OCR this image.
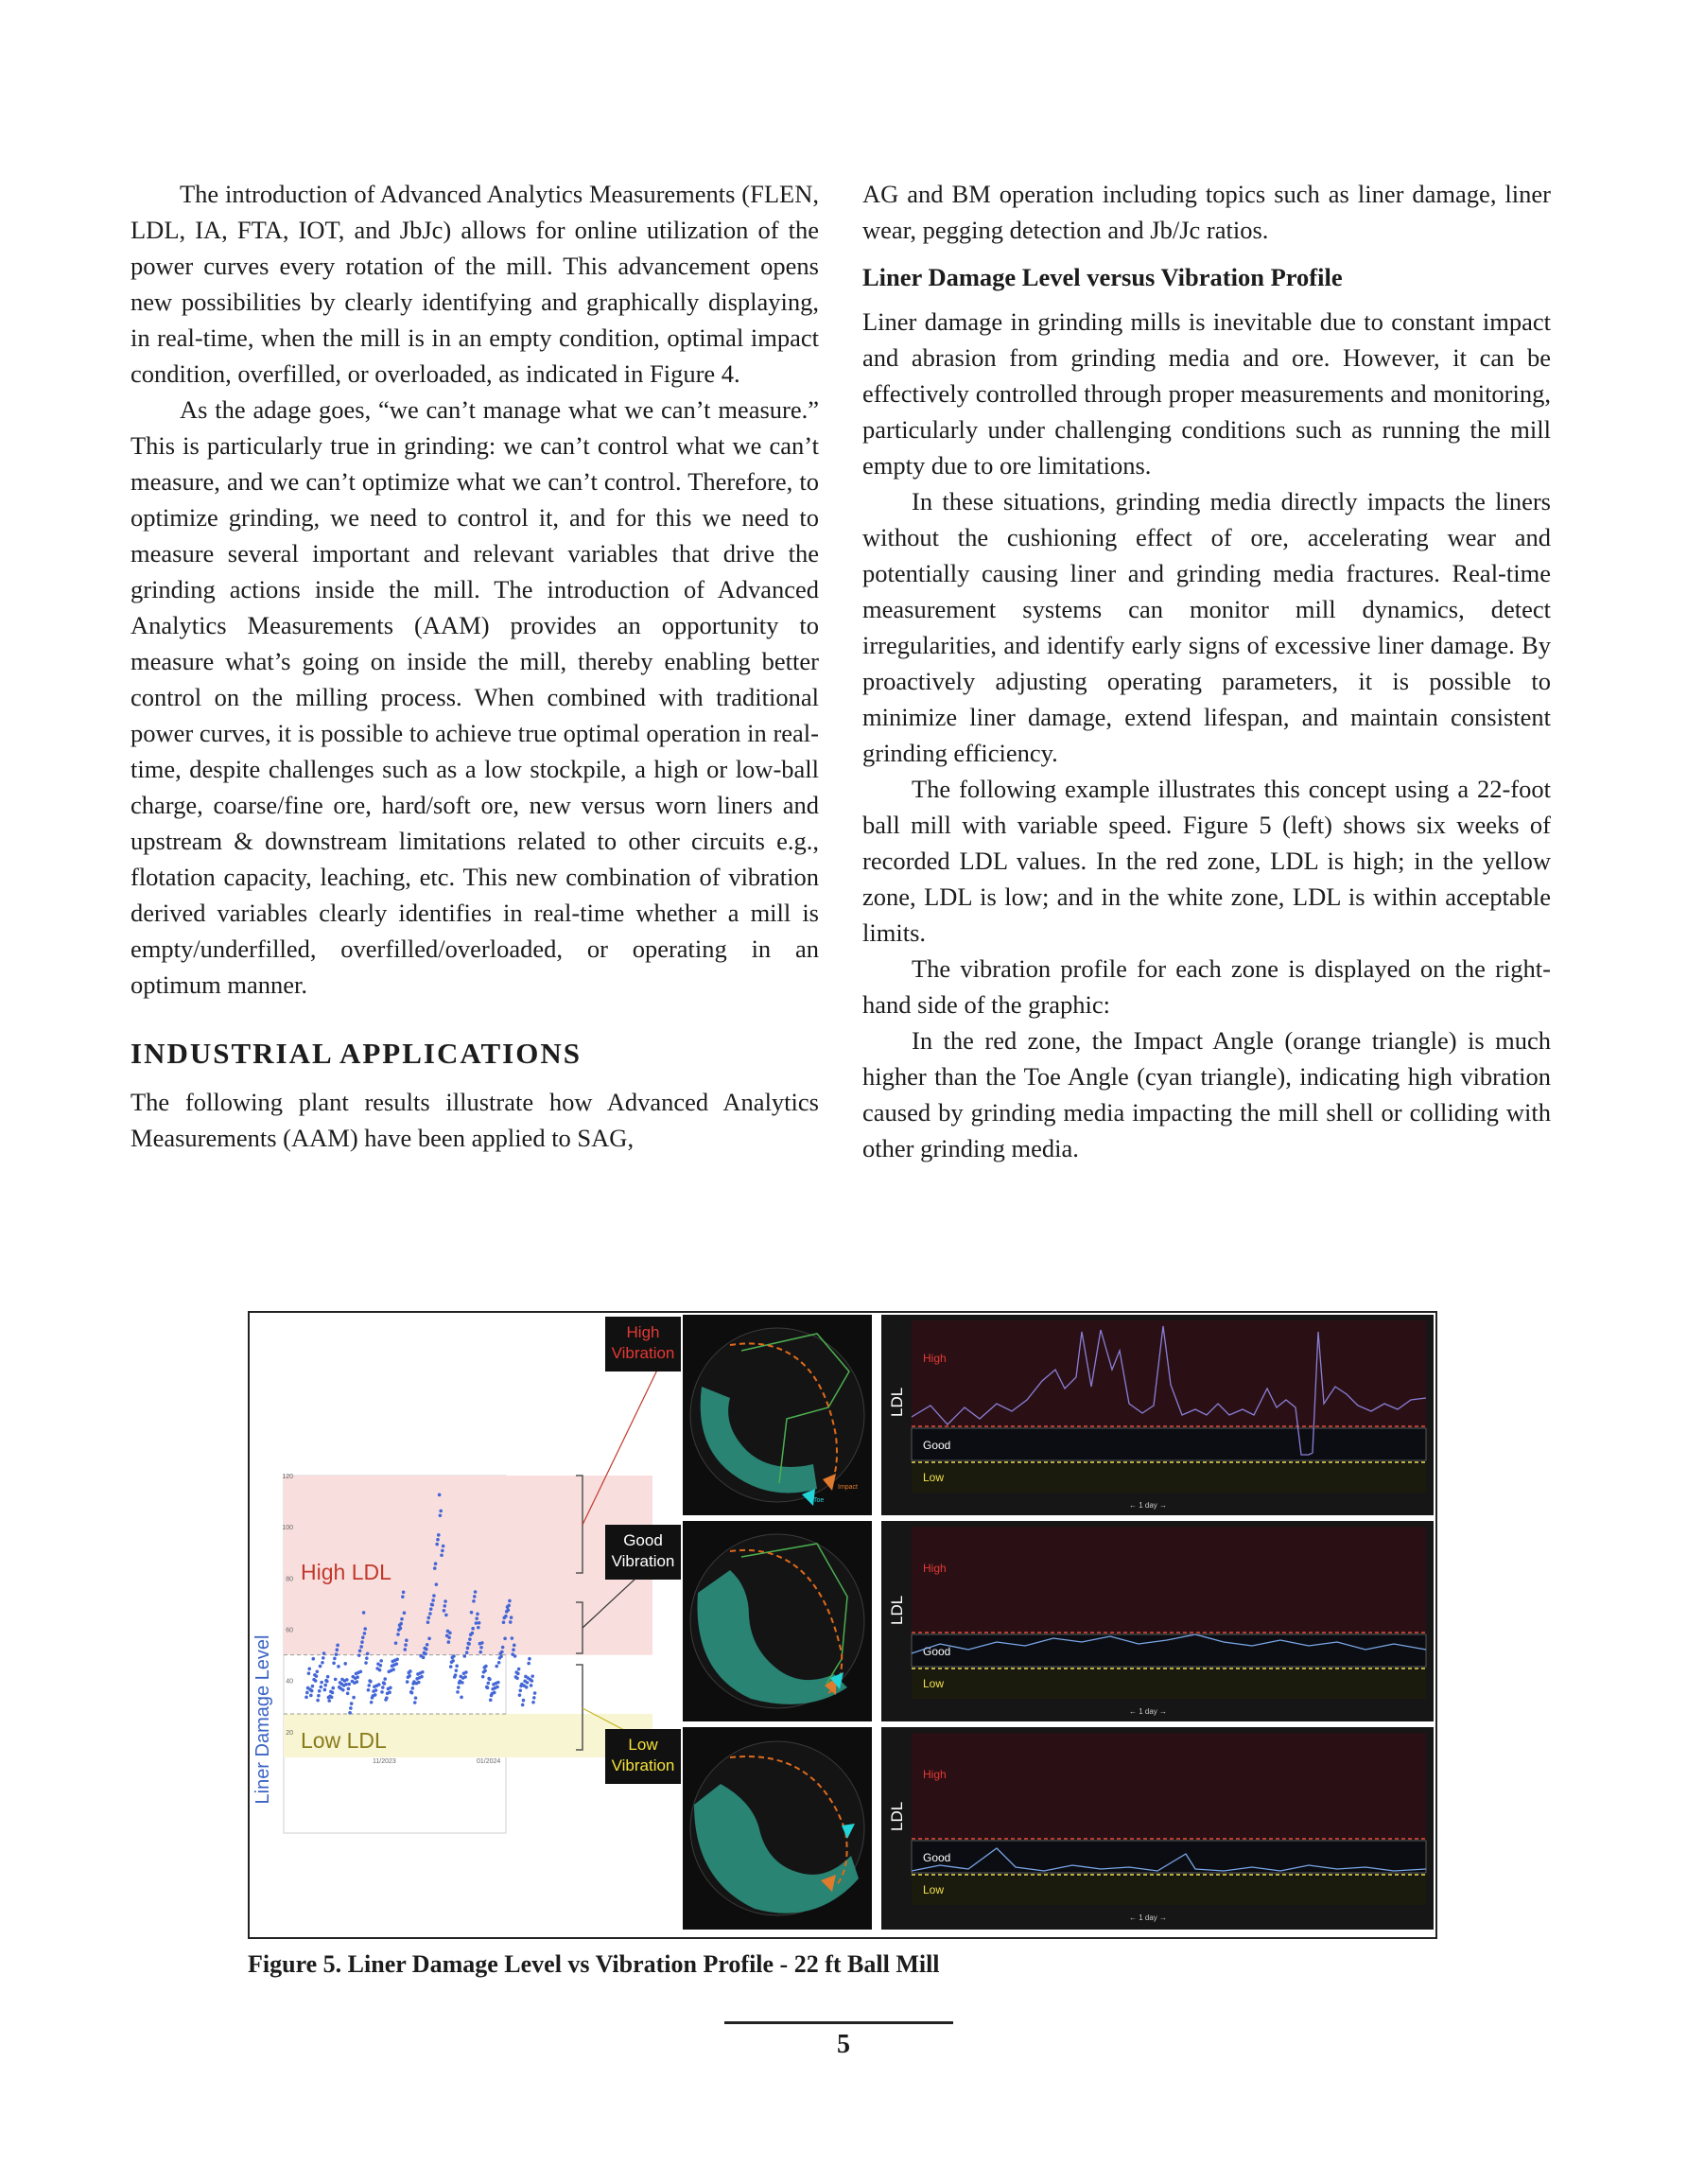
The introduction of Advanced Analytics Measurements (FLEN, LDL, IA, FTA, IOT, and JbJc) allows for online utilization of the power curves every rotation of the mill. This advancement opens new possibilities by clearly identifying and graphically displaying, in real-time, when the mill is in an empty condition, optimal impact condition, overfilled, or overloaded, as indicated in Figure 4.

As the adage goes, “we can’t manage what we can’t measure.” This is particularly true in grinding: we can’t control what we can’t measure, and we can’t optimize what we can’t control. Therefore, to optimize grinding, we need to control it, and for this we need to measure several important and relevant variables that drive the grinding actions inside the mill. The introduction of Advanced Analytics Measurements (AAM) provides an opportunity to measure what’s going on inside the mill, thereby enabling better control on the milling process. When combined with traditional power curves, it is possible to achieve true optimal operation in real-time, despite challenges such as a low stockpile, a high or low-ball charge, coarse/fine ore, hard/soft ore, new versus worn liners and upstream & downstream limitations related to other circuits e.g., flotation capacity, leaching, etc. This new combination of vibration derived variables clearly identifies in real-time whether a mill is empty/underfilled, overfilled/overloaded, or operating in an optimum manner.

INDUSTRIAL APPLICATIONS

The following plant results illustrate how Advanced Analytics Measurements (AAM) have been applied to SAG,

AG and BM operation including topics such as liner damage, liner wear, pegging detection and Jb/Jc ratios.

Liner Damage Level versus Vibration Profile

Liner damage in grinding mills is inevitable due to constant impact and abrasion from grinding media and ore. However, it can be effectively controlled through proper measurements and monitoring, particularly under challenging conditions such as running the mill empty due to ore limitations.

In these situations, grinding media directly impacts the liners without the cushioning effect of ore, accelerating wear and potentially causing liner and grinding media fractures. Real-time measurement systems can monitor mill dynamics, detect irregularities, and identify early signs of excessive liner damage. By proactively adjusting operating parameters, it is possible to minimize liner damage, extend lifespan, and maintain consistent grinding efficiency.

The following example illustrates this concept using a 22-foot ball mill with variable speed. Figure 5 (left) shows six weeks of recorded LDL values. In the red zone, LDL is high; in the yellow zone, LDL is low; and in the white zone, LDL is within acceptable limits.

The vibration profile for each zone is displayed on the right-hand side of the graphic:

In the red zone, the Impact Angle (orange triangle) is much higher than the Toe Angle (cyan triangle), indicating high vibration caused by grinding media impacting the mill shell or colliding with other grinding media.

20
40
60
80
100
120
Liner Damage Level
High LDL
Low LDL
11/2023	01/2024
High
Vibration
Good
Vibration
Low
Vibration
Impact
Toe
LDL
High
Good
Low
← 1 day →
LDL
High
Good
Low
← 1 day →
LDL
High
Good
Low
← 1 day →
Figure 5. Liner Damage Level vs Vibration Profile - 22 ft Ball Mill
5
